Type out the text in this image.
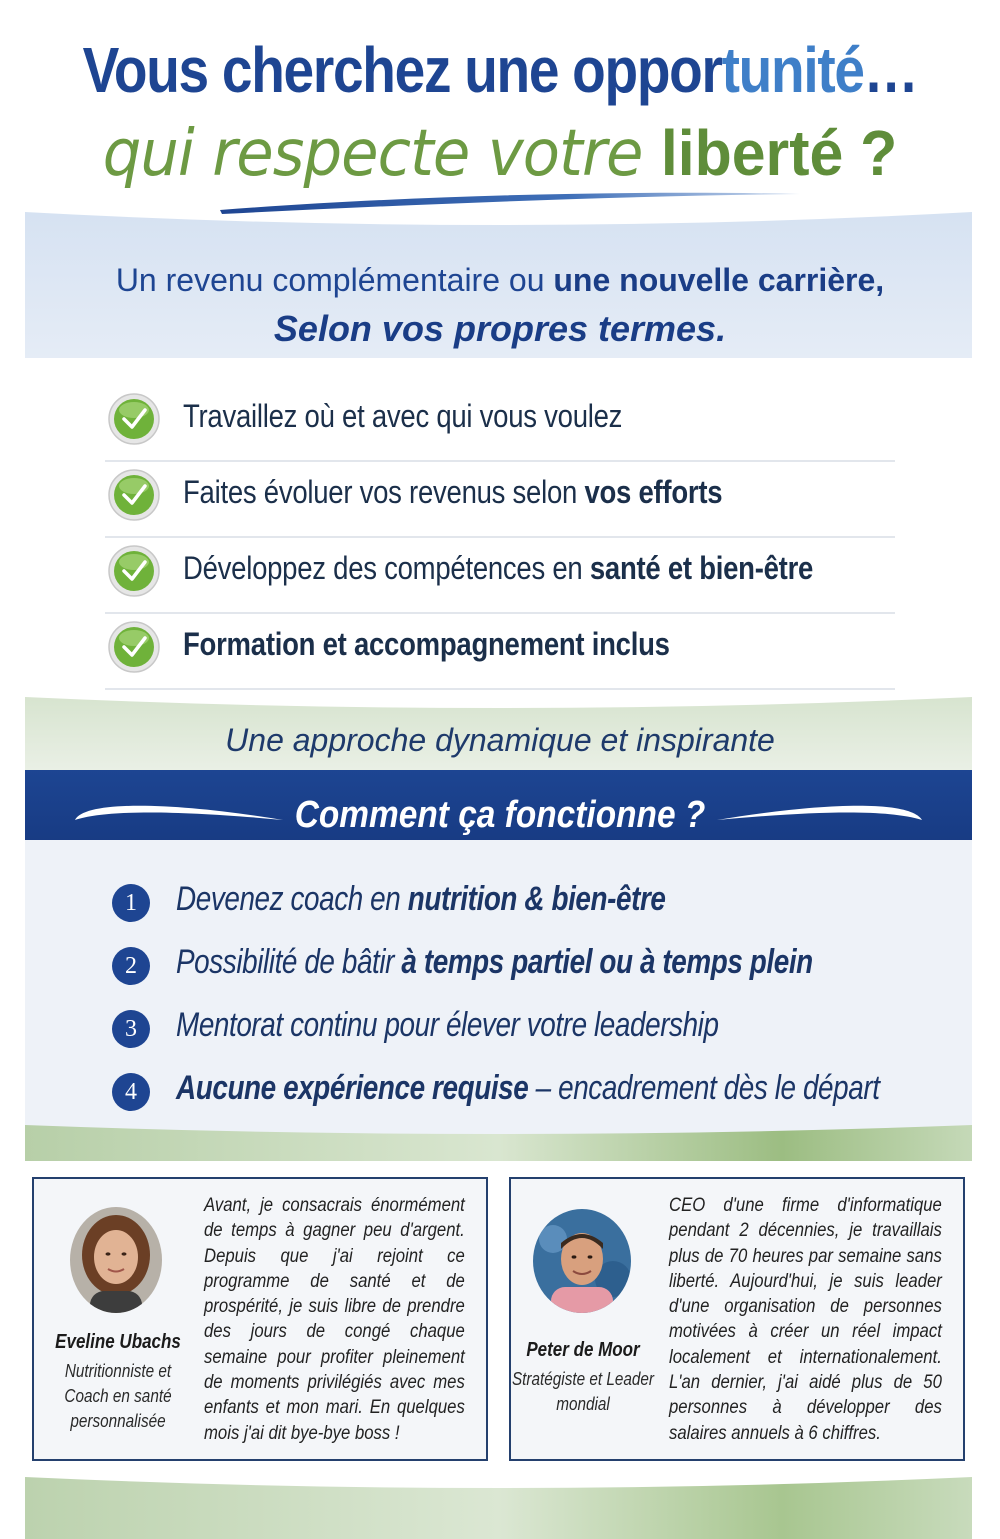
Vous cherchez une opportunité…
qui respecte votre liberté ?
Un revenu complémentaire ou une nouvelle carrière,
Selon vos propres termes.
Travaillez où et avec qui vous voulez
Faites évoluer vos revenus selon vos efforts
Développez des compétences en santé et bien-être
Formation et accompagnement inclus
Une approche dynamique et inspirante
Comment ça fonctionne ?
1	Devenez coach en nutrition & bien-être
2	Possibilité de bâtir à temps partiel ou à temps plein
3	Mentorat continu pour élever votre leadership
4	Aucune expérience requise – encadrement dès le départ
Eveline Ubachs
Nutritionniste et Coach en santé personnalisée
Avant, je consacrais énormément de temps à gagner peu d'argent. Depuis que j'ai rejoint ce programme de santé et de prospérité, je suis libre de prendre des jours de congé chaque semaine pour profiter pleinement de moments privilégiés avec mes enfants et mon mari. En quelques mois j'ai dit bye-bye boss !
Peter de Moor
Stratégiste et Leader mondial
CEO d'une firme d'informatique pendant 2 décennies, je travaillais plus de 70 heures par semaine sans liberté. Aujourd'hui, je suis leader d'une organisation de personnes motivées à créer un réel impact localement et internationalement. L'an dernier, j'ai aidé plus de 50 personnes à développer des salaires annuels à 6 chiffres.
